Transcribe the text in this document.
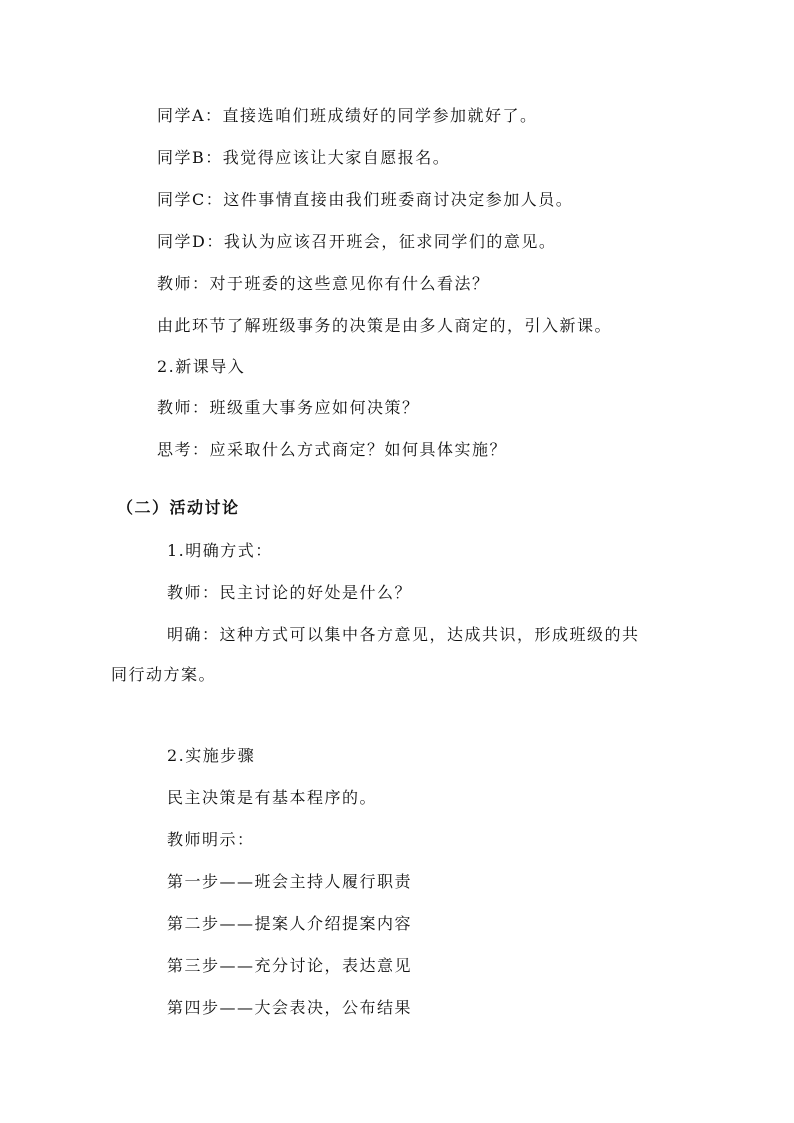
同学A：直接选咱们班成绩好的同学参加就好了。
同学B：我觉得应该让大家自愿报名。
同学C：这件事情直接由我们班委商讨决定参加人员。
同学D：我认为应该召开班会，征求同学们的意见。
教师：对于班委的这些意见你有什么看法？
由此环节了解班级事务的决策是由多人商定的，引入新课。
2.新课导入
教师：班级重大事务应如何决策？
思考：应采取什么方式商定？如何具体实施？
（二）活动讨论
1.明确方式：
教师：民主讨论的好处是什么？
明确：这种方式可以集中各方意见，达成共识，形成班级的共
同行动方案。
2.实施步骤
民主决策是有基本程序的。
教师明示：
第一步——班会主持人履行职责
第二步——提案人介绍提案内容
第三步——充分讨论，表达意见
第四步——大会表决，公布结果
